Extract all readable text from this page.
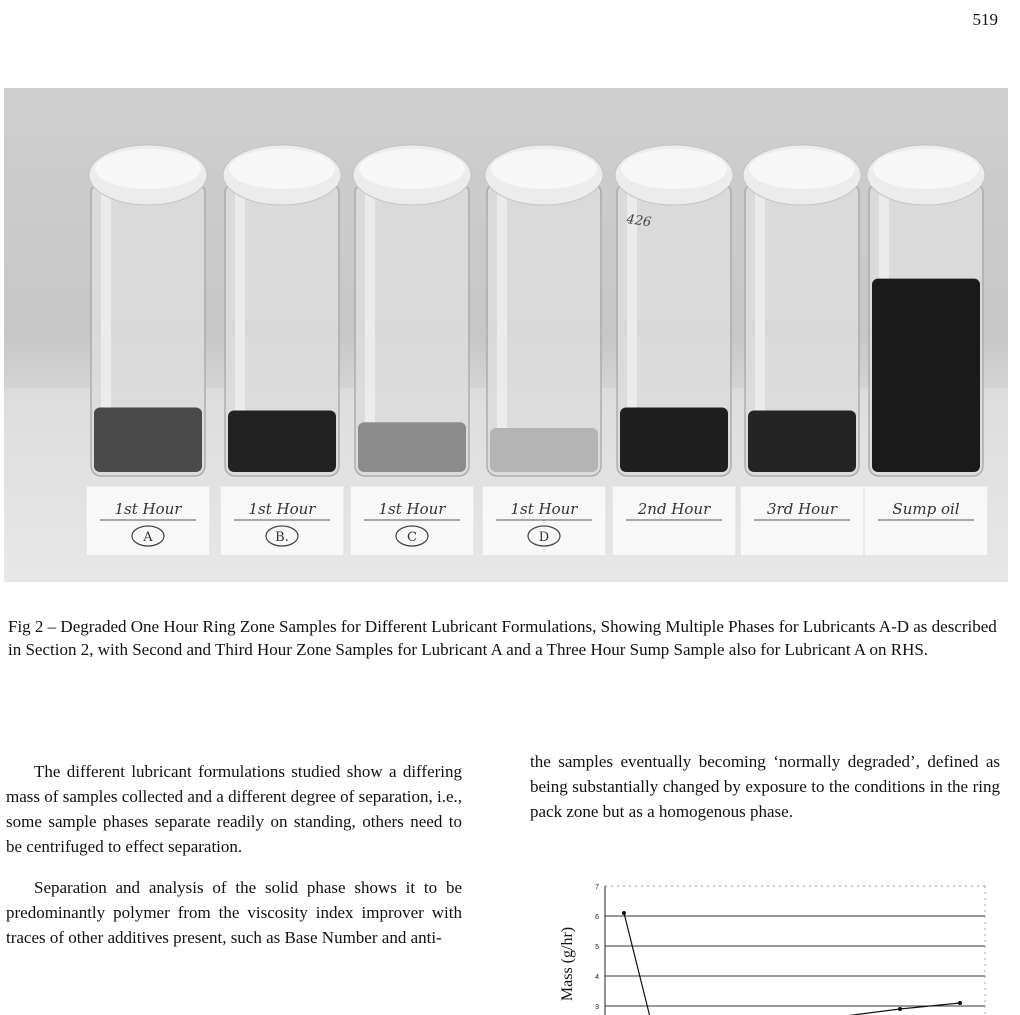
519
1st Hour
A
1st Hour
B.
1st Hour
C
1st Hour
D
2nd Hour	3rd Hour	Sump oil
426
Fig 2 – Degraded One Hour Ring Zone Samples for Different Lubricant Formulations, Showing Multiple Phases for Lubricants A-D as described in Section 2, with Second and Third Hour Zone Samples for Lubricant A and a Three Hour Sump Sample also for Lubricant A on RHS.

The different lubricant formulations studied show a differing mass of samples collected and a different degree of separation, i.e., some sample phases separate readily on standing, others need to be centrifuged to effect separation.

Separation and analysis of the solid phase shows it to be predominantly polymer from the viscosity index improver with traces of other additives present, such as Base Number and anti-

the samples eventually becoming ‘normally degraded’, defined as being substantially changed by exposure to the conditions in the ring pack zone but as a homogenous phase.

Mass (g/hr)
7
6
5
4
3
